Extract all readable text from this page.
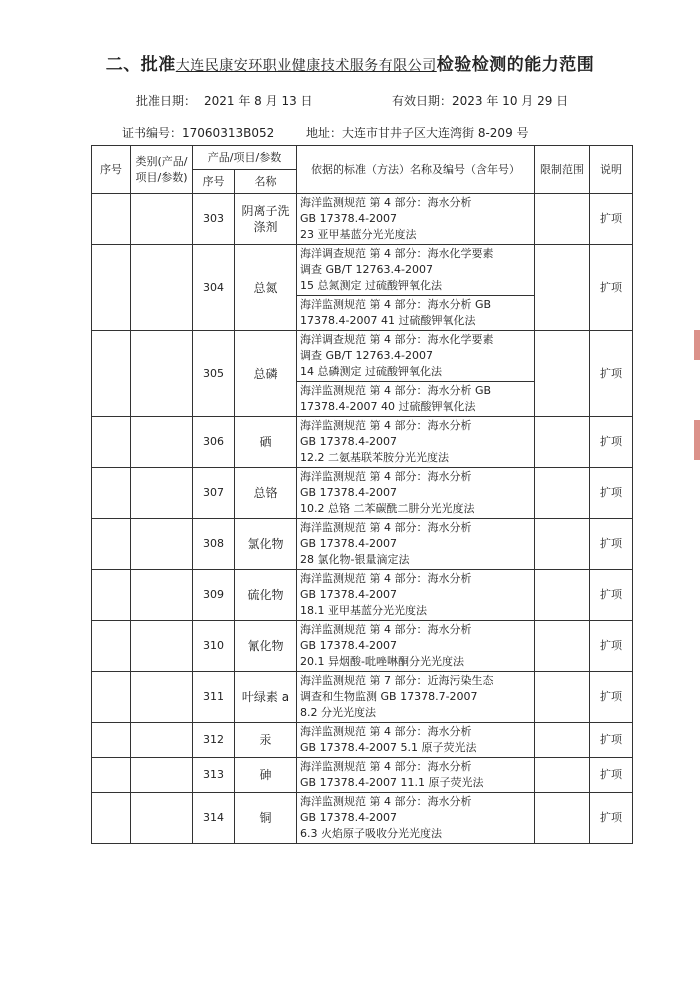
二、批准大连民康安环职业健康技术服务有限公司检验检测的能力范围
批准日期： 2021 年 8 月 13 日	有效日期：2023 年 10 月 29 日
证书编号：17060313B052	地址：大连市甘井子区大连湾街 8-209 号
序号	类别(产品/项目/参数)	产品/项目/参数		依据的标准（方法）名称及编号（含年号）	限制范围	说明
		序号	名称			
		303	阴离子洗涤剂	海洋监测规范 第 4 部分：海水分析
GB 17378.4-2007
23 亚甲基蓝分光光度法		扩项
		304	总氮	海洋调查规范 第 4 部分：海水化学要素
调查 GB/T 12763.4-2007
15 总氮测定 过硫酸钾氧化法		扩项

				海洋监测规范 第 4 部分：海水分析 GB
17378.4-2007 41 过硫酸钾氧化法		

		305	总磷	海洋调查规范 第 4 部分：海水化学要素
调查 GB/T 12763.4-2007
14 总磷测定 过硫酸钾氧化法		扩项

				海洋监测规范 第 4 部分：海水分析 GB
17378.4-2007 40 过硫酸钾氧化法		

		306	硒	海洋监测规范 第 4 部分：海水分析
GB 17378.4-2007
12.2 二氨基联苯胺分光光度法		扩项
		307	总铬	海洋监测规范 第 4 部分：海水分析
GB 17378.4-2007
10.2 总铬 二苯碳酰二肼分光光度法		扩项
		308	氯化物	海洋监测规范 第 4 部分：海水分析
GB 17378.4-2007
28 氯化物-银量滴定法		扩项
		309	硫化物	海洋监测规范 第 4 部分：海水分析
GB 17378.4-2007
18.1 亚甲基蓝分光光度法		扩项
		310	氰化物	海洋监测规范 第 4 部分：海水分析
GB 17378.4-2007
20.1 异烟酸-吡唑啉酮分光光度法		扩项
		311	叶绿素 a	海洋监测规范 第 7 部分：近海污染生态
调查和生物监测 GB 17378.7-2007
8.2 分光光度法		扩项
		312	汞	海洋监测规范 第 4 部分：海水分析
GB 17378.4-2007 5.1 原子荧光法		扩项
		313	砷	海洋监测规范 第 4 部分：海水分析
GB 17378.4-2007 11.1 原子荧光法		扩项
		314	铜	海洋监测规范 第 4 部分：海水分析
GB 17378.4-2007
6.3 火焰原子吸收分光光度法		扩项
